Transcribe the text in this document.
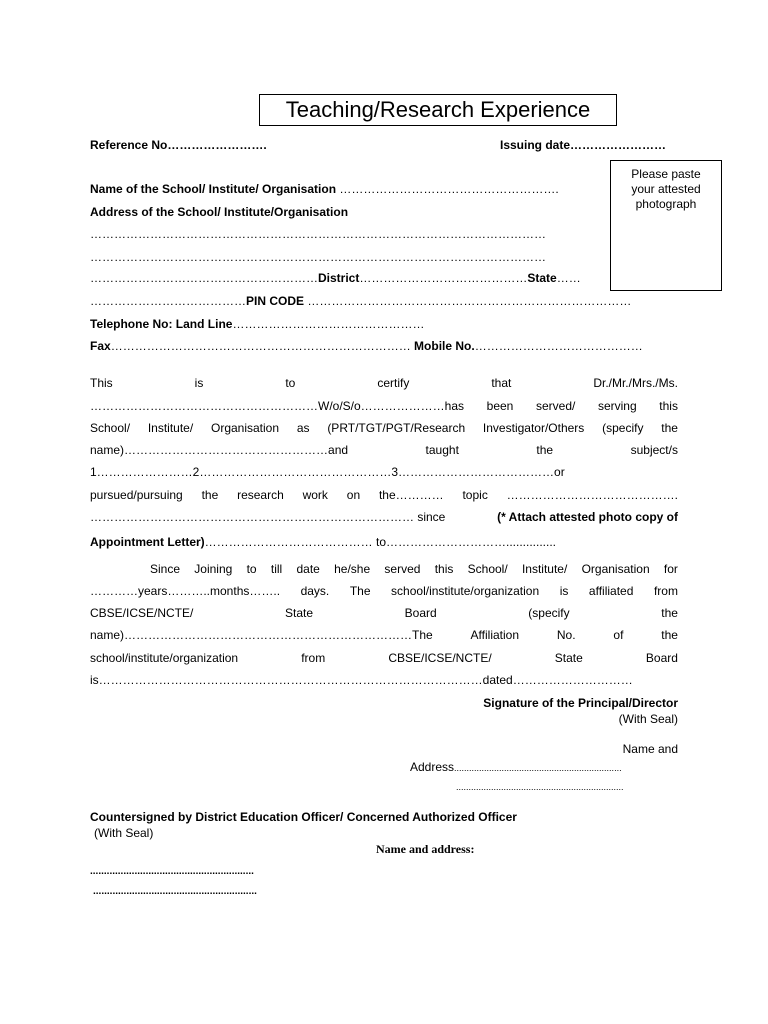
Teaching/Research Experience
Reference No…………………….	Issuing date……………………
Please paste your attested photograph
Name of the School/ Institute/ Organisation ……………………………………………….
Address of the School/ Institute/Organisation
……………………………………………………………………………………………………
……………………………………………………………………………………………………
…………………………………………………District……………………………………State……
…………………………………PIN CODE ………………………………………………………………………
Telephone No: Land Line…………………………………………
Fax………………………………………………………………… Mobile No.……………………………………
This	is	to	certify	that	Dr./Mr./Mrs./Ms.
…………………………………………………W/o/S/o…………………has been served/ serving this
School/ Institute/ Organisation as (PRT/TGT/PGT/Research Investigator/Others (specify the
name)……………………………………………and	taught	the	subject/s
1……………………2…………………………………………3…………………………………or
pursued/pursuing the research work on the………… topic …………………………………….
……………………………………………………………………… since	(* Attach attested photo copy of
Appointment Letter)…………………………………… to…………………………...............
Since Joining to till date he/she served this School/ Institute/ Organisation for
…………years………..months…….. days. The school/institute/organization is affiliated from
CBSE/ICSE/NCTE/	State	Board	(specify	the
name)………………………………………………………………The	Affiliation	No.	of	the
school/institute/organization	from	CBSE/ICSE/NCTE/	State	Board
is……………………………………………………………………………………dated…………………………
Signature of the Principal/Director
(With Seal)
Name and
Address...................................................................
...................................................................
Countersigned by District Education Officer/ Concerned Authorized Officer
(With Seal)
Name and address:
...........................................................
...........................................................
